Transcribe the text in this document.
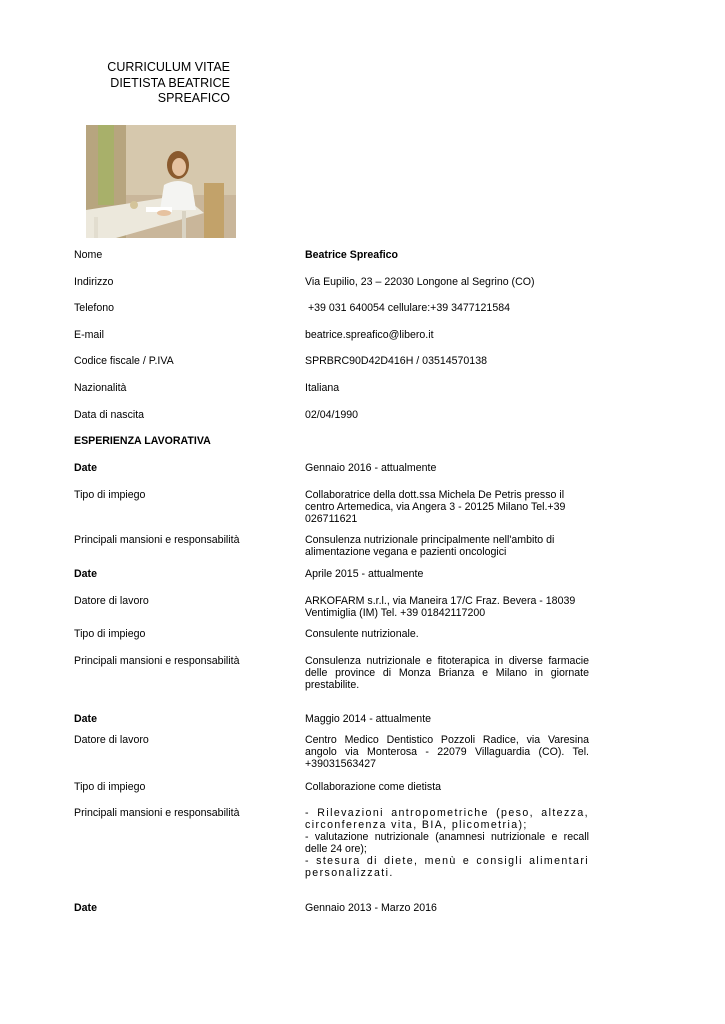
CURRICULUM VITAE
DIETISTA BEATRICE
SPREAFICO
Nome	Beatrice Spreafico
Indirizzo	Via Eupilio, 23 – 22030 Longone al Segrino (CO)
Telefono	+39 031 640054 cellulare:+39 3477121584
E-mail	beatrice.spreafico@libero.it
Codice fiscale / P.IVA	SPRBRC90D42D416H / 03514570138
Nazionalità	Italiana
Data di nascita	02/04/1990
ESPERIENZA LAVORATIVA
Date	Gennaio 2016 - attualmente
Tipo di impiego	Collaboratrice della dott.ssa Michela De Petris presso il centro Artemedica, via Angera 3 - 20125 Milano Tel.+39 026711621
Principali mansioni e responsabilità	Consulenza nutrizionale principalmente nell'ambito di alimentazione vegana e pazienti oncologici
Date	Aprile 2015 - attualmente
Datore di lavoro	ARKOFARM s.r.l., via Maneira 17/C Fraz. Bevera - 18039 Ventimiglia (IM) Tel. +39 01842117200
Tipo di impiego	Consulente nutrizionale.
Principali mansioni e responsabilità	Consulenza nutrizionale e fitoterapica in diverse farmacie delle province di Monza Brianza e Milano in giornate prestabilite.
Date	Maggio 2014 - attualmente
Datore di lavoro	Centro Medico Dentistico Pozzoli Radice, via Varesina angolo via Monterosa - 22079 Villaguardia (CO). Tel. +39031563427
Tipo di impiego	Collaborazione come dietista
Principali mansioni e responsabilità	- Rilevazioni antropometriche (peso, altezza, circonferenza vita, BIA, plicometria);
- valutazione nutrizionale (anamnesi nutrizionale e recall delle 24 ore);
- stesura di diete, menù e consigli alimentari personalizzati.
Date	Gennaio 2013 - Marzo 2016
